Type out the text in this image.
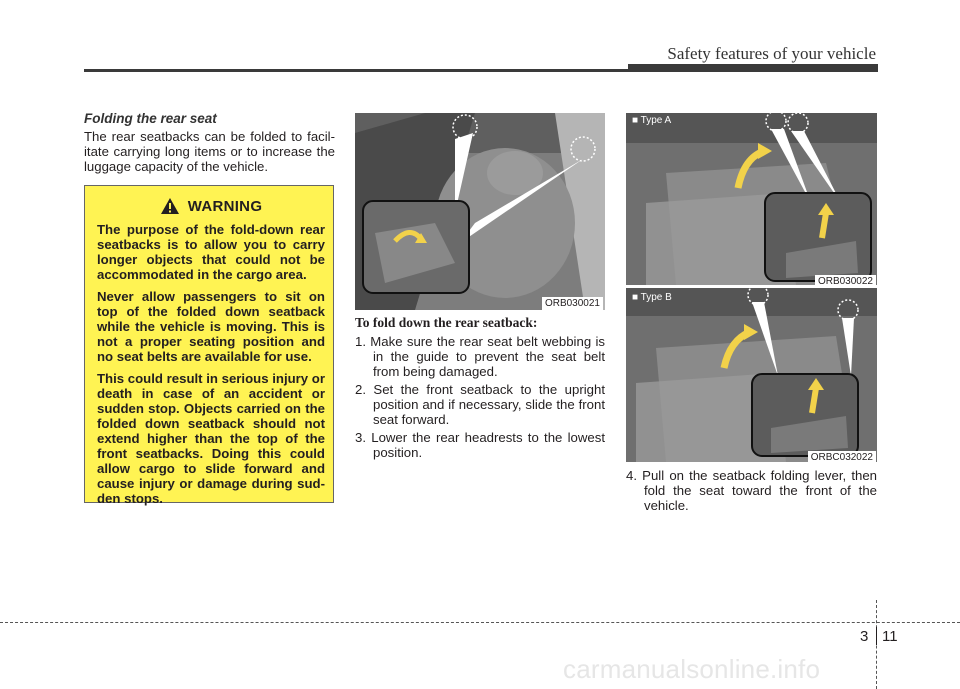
Safety features of your vehicle

Folding the rear seat

The rear seatbacks can be folded to facil-itate carrying long items or to increase the luggage capacity of the vehicle.

WARNING

The purpose of the fold-down rear seatbacks is to allow you to carry longer objects that could not be accommodated in the cargo area.

Never allow passengers to sit on top of the folded down seatback while the vehicle is moving. This is not a proper seating position and no seat belts are available for use.

This could result in serious injury or death in case of an accident or sudden stop. Objects carried on the folded down seatback should not extend higher than the top of the front seatbacks. Doing this could allow cargo to slide forward and cause injury or damage during sud-den stops.

ORB030021
■ Type A
ORB030022
■ Type B
ORBC032022

To fold down the rear seatback:

1. Make sure the rear seat belt webbing is in the guide to prevent the seat belt from being damaged.
2. Set the front seatback to the upright position and if necessary, slide the front seat forward.
3. Lower the rear headrests to the lowest position.
4. Pull on the seatback folding lever, then fold the seat toward the front of the vehicle.
3 11
carmanualsonline.info
